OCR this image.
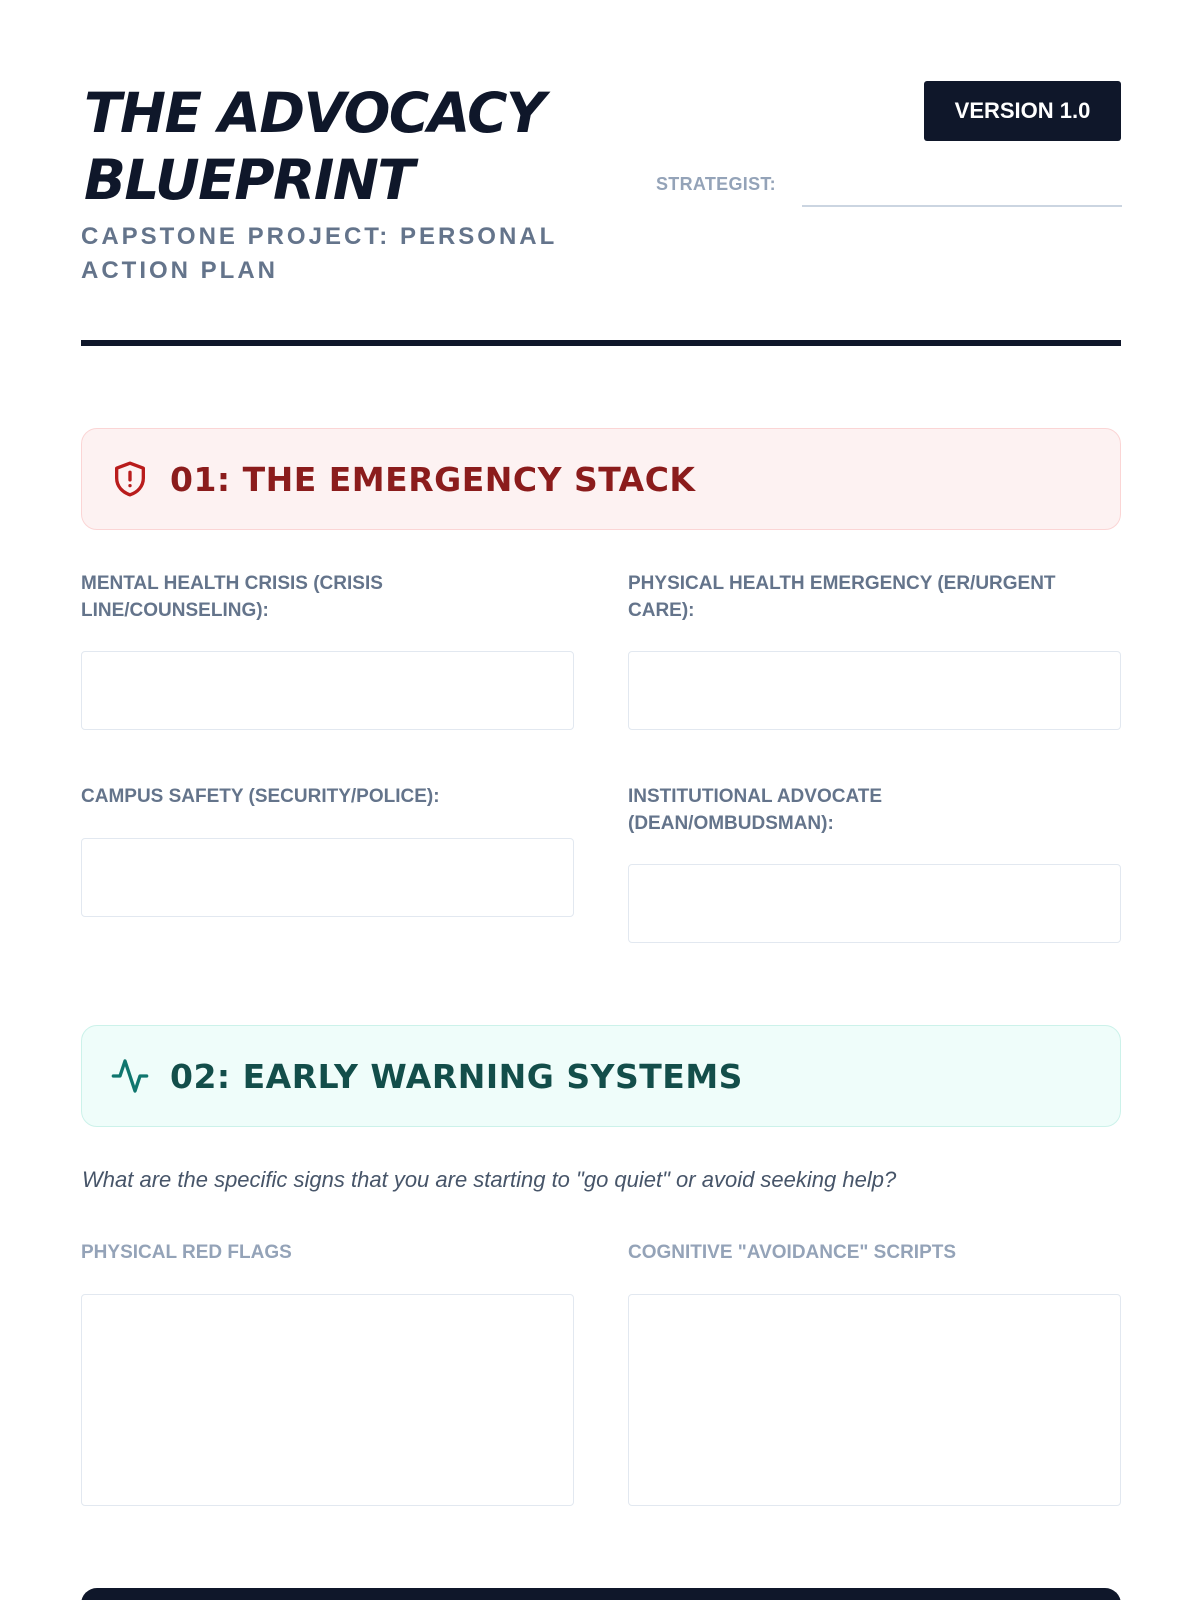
THE ADVOCACY
BLUEPRINT
CAPSTONE PROJECT: PERSONAL ACTION PLAN
VERSION 1.0
STRATEGIST:
01: THE EMERGENCY STACK
MENTAL HEALTH CRISIS (CRISIS LINE/COUNSELING):
PHYSICAL HEALTH EMERGENCY (ER/URGENT CARE):
CAMPUS SAFETY (SECURITY/POLICE):	INSTITUTIONAL ADVOCATE (DEAN/OMBUDSMAN):
02: EARLY WARNING SYSTEMS
What are the specific signs that you are starting to "go quiet" or avoid seeking help?
PHYSICAL RED FLAGS	COGNITIVE "AVOIDANCE" SCRIPTS
